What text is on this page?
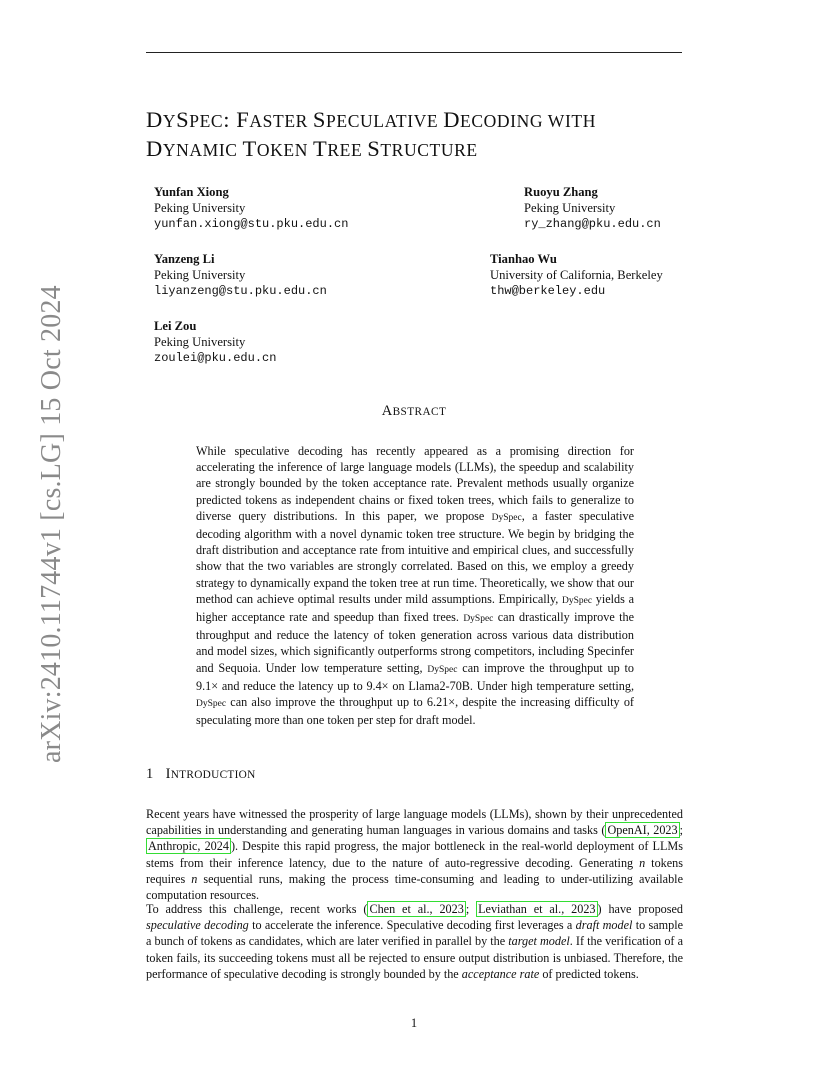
arXiv:2410.11744v1 [cs.LG] 15 Oct 2024
DYSPEC: FASTER SPECULATIVE DECODING WITH
DYNAMIC TOKEN TREE STRUCTURE
Yunfan Xiong
Peking University
yunfan.xiong@stu.pku.edu.cn
Ruoyu Zhang
Peking University
ry_zhang@pku.edu.cn
Yanzeng Li
Peking University
liyanzeng@stu.pku.edu.cn
Tianhao Wu
University of California, Berkeley
thw@berkeley.edu
Lei Zou
Peking University
zoulei@pku.edu.cn
ABSTRACT

While speculative decoding has recently appeared as a promising direction for accelerating the inference of large language models (LLMs), the speedup and scalability are strongly bounded by the token acceptance rate. Prevalent methods usually organize predicted tokens as independent chains or fixed token trees, which fails to generalize to diverse query distributions. In this paper, we propose DySpec, a faster speculative decoding algorithm with a novel dynamic token tree structure. We begin by bridging the draft distribution and acceptance rate from intuitive and empirical clues, and successfully show that the two variables are strongly correlated. Based on this, we employ a greedy strategy to dynamically expand the token tree at run time. Theoretically, we show that our method can achieve optimal results under mild assumptions. Empirically, DySpec yields a higher acceptance rate and speedup than fixed trees. DySpec can drastically improve the throughput and reduce the latency of token generation across various data distribution and model sizes, which significantly outperforms strong competitors, including Specinfer and Sequoia. Under low temperature setting, DySpec can improve the throughput up to 9.1× and reduce the latency up to 9.4× on Llama2-70B. Under high temperature setting, DySpec can also improve the throughput up to 6.21×, despite the increasing difficulty of speculating more than one token per step for draft model.

1 INTRODUCTION

Recent years have witnessed the prosperity of large language models (LLMs), shown by their unprecedented capabilities in understanding and generating human languages in various domains and tasks ( OpenAI, 2023 ; Anthropic, 2024 ). Despite this rapid progress, the major bottleneck in the real-world deployment of LLMs stems from their inference latency, due to the nature of auto-regressive decoding. Generating n tokens requires n sequential runs, making the process time-consuming and leading to under-utilizing available computation resources.

To address this challenge, recent works ( Chen et al., 2023 ; Leviathan et al., 2023 ) have proposed speculative decoding to accelerate the inference. Speculative decoding first leverages a draft model to sample a bunch of tokens as candidates, which are later verified in parallel by the target model. If the verification of a token fails, its succeeding tokens must all be rejected to ensure output distribution is unbiased. Therefore, the performance of speculative decoding is strongly bounded by the acceptance rate of predicted tokens.

1
